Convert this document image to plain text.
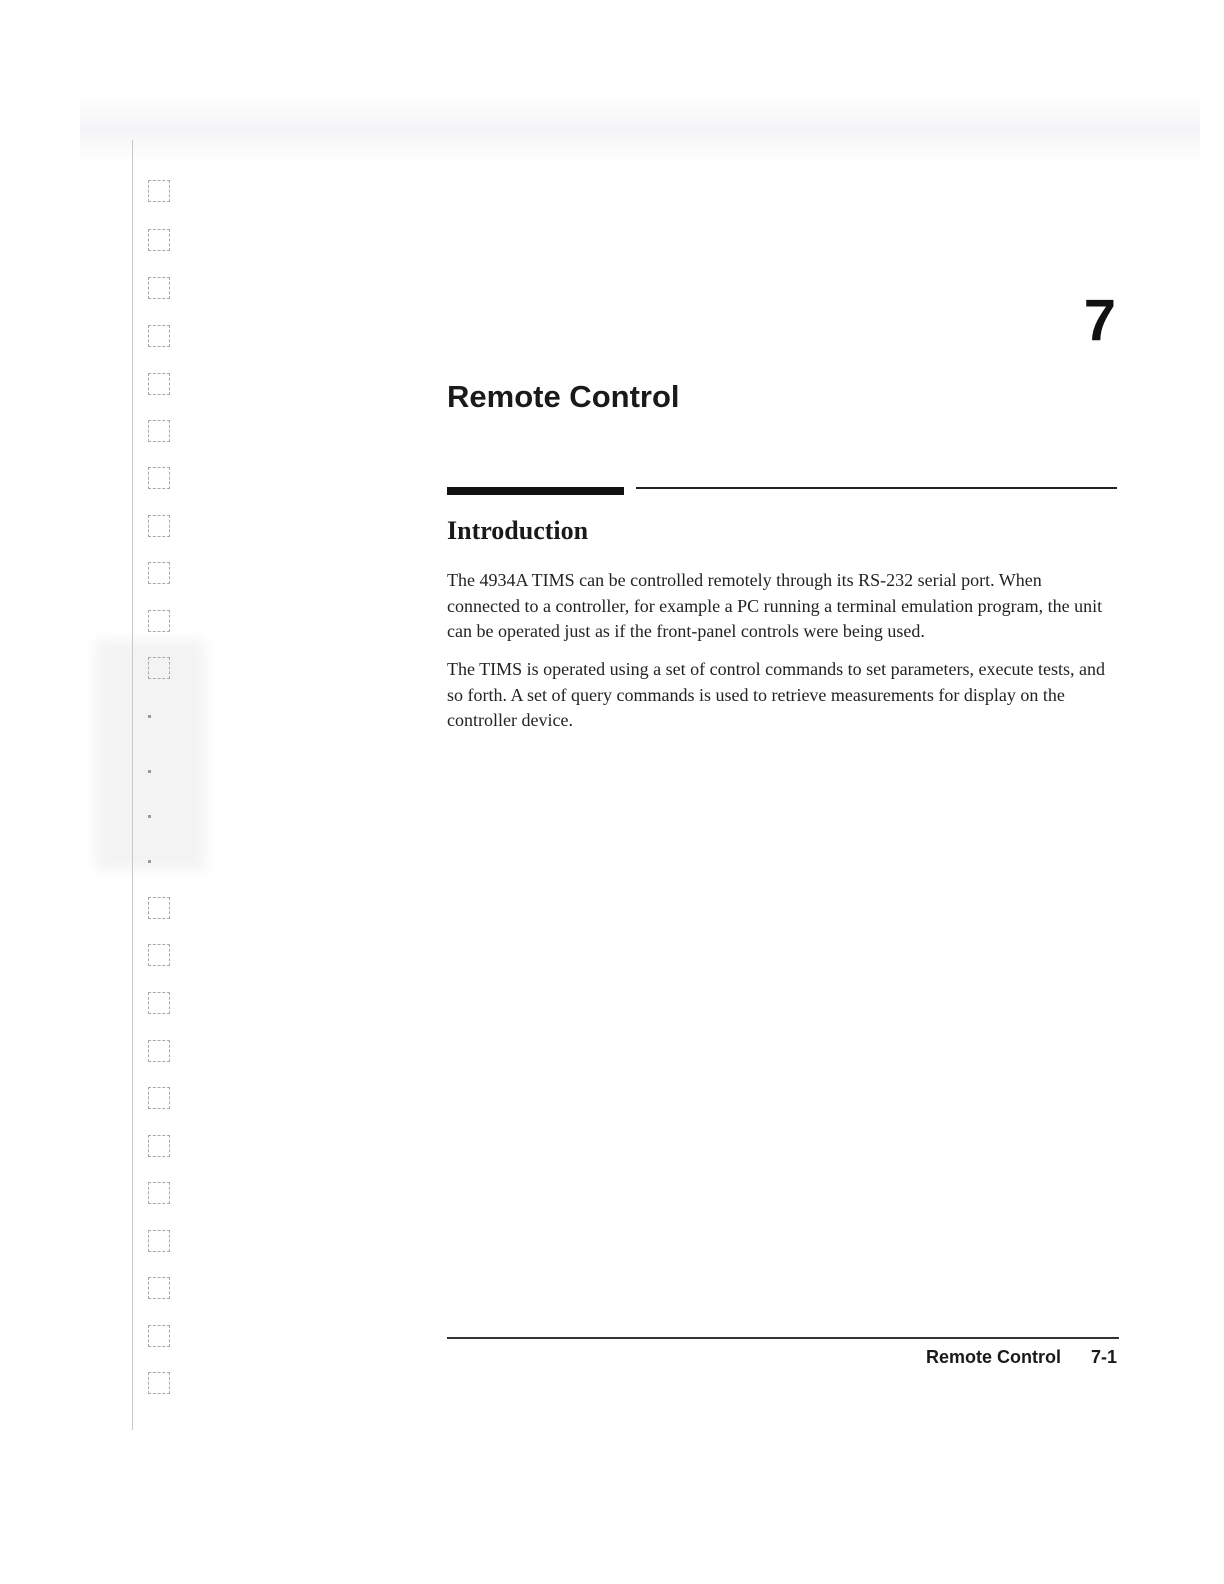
7
Remote Control
Introduction

The 4934A TIMS can be controlled remotely through its RS-232 serial port. When connected to a controller, for example a PC running a terminal emulation program, the unit can be operated just as if the front-panel controls were being used.

The TIMS is operated using a set of control commands to set parameters, execute tests, and so forth. A set of query commands is used to retrieve measurements for display on the controller device.

Remote Control 7-1
